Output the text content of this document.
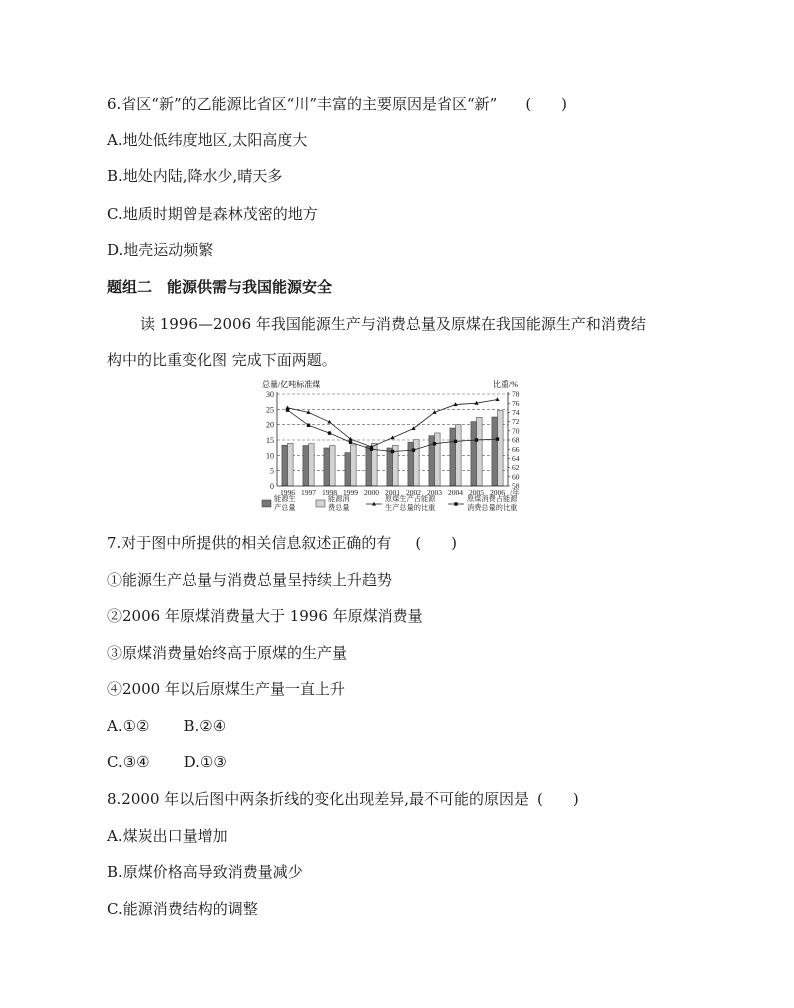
6.省区“新”的乙能源比省区“川”丰富的主要原因是省区“新” (　　)
A.地处低纬度地区,太阳高度大
B.地处内陆,降水少,晴天多
C.地质时期曾是森林茂密的地方
D.地壳运动频繁
题组二　能源供需与我国能源安全
读 1996—2006 年我国能源生产与消费总量及原煤在我国能源生产和消费结
构中的比重变化图 完成下面两题。
总量/亿吨标准煤	比重/%
0
5
10
15
20
25
30
58
60
62
64
66
68
70
72
74
76
78
1996 1997 1998 1999 2000 2001 2002 2003 2004 2005 2006 /年
能源生
产总量
能源消
费总量
原煤生产占能源
生产总量的比重
原煤消费占能源
消费总量的比重
7.对于图中所提供的相关信息叙述正确的有 (　　)
①能源生产总量与消费总量呈持续上升趋势
②2006 年原煤消费量大于 1996 年原煤消费量
③原煤消费量始终高于原煤的生产量
④2000 年以后原煤生产量一直上升
A.①② B.②④
C.③④ D.①③
8.2000 年以后图中两条折线的变化出现差异,最不可能的原因是 (　　)
A.煤炭出口量增加
B.原煤价格高导致消费量减少
C.能源消费结构的调整
